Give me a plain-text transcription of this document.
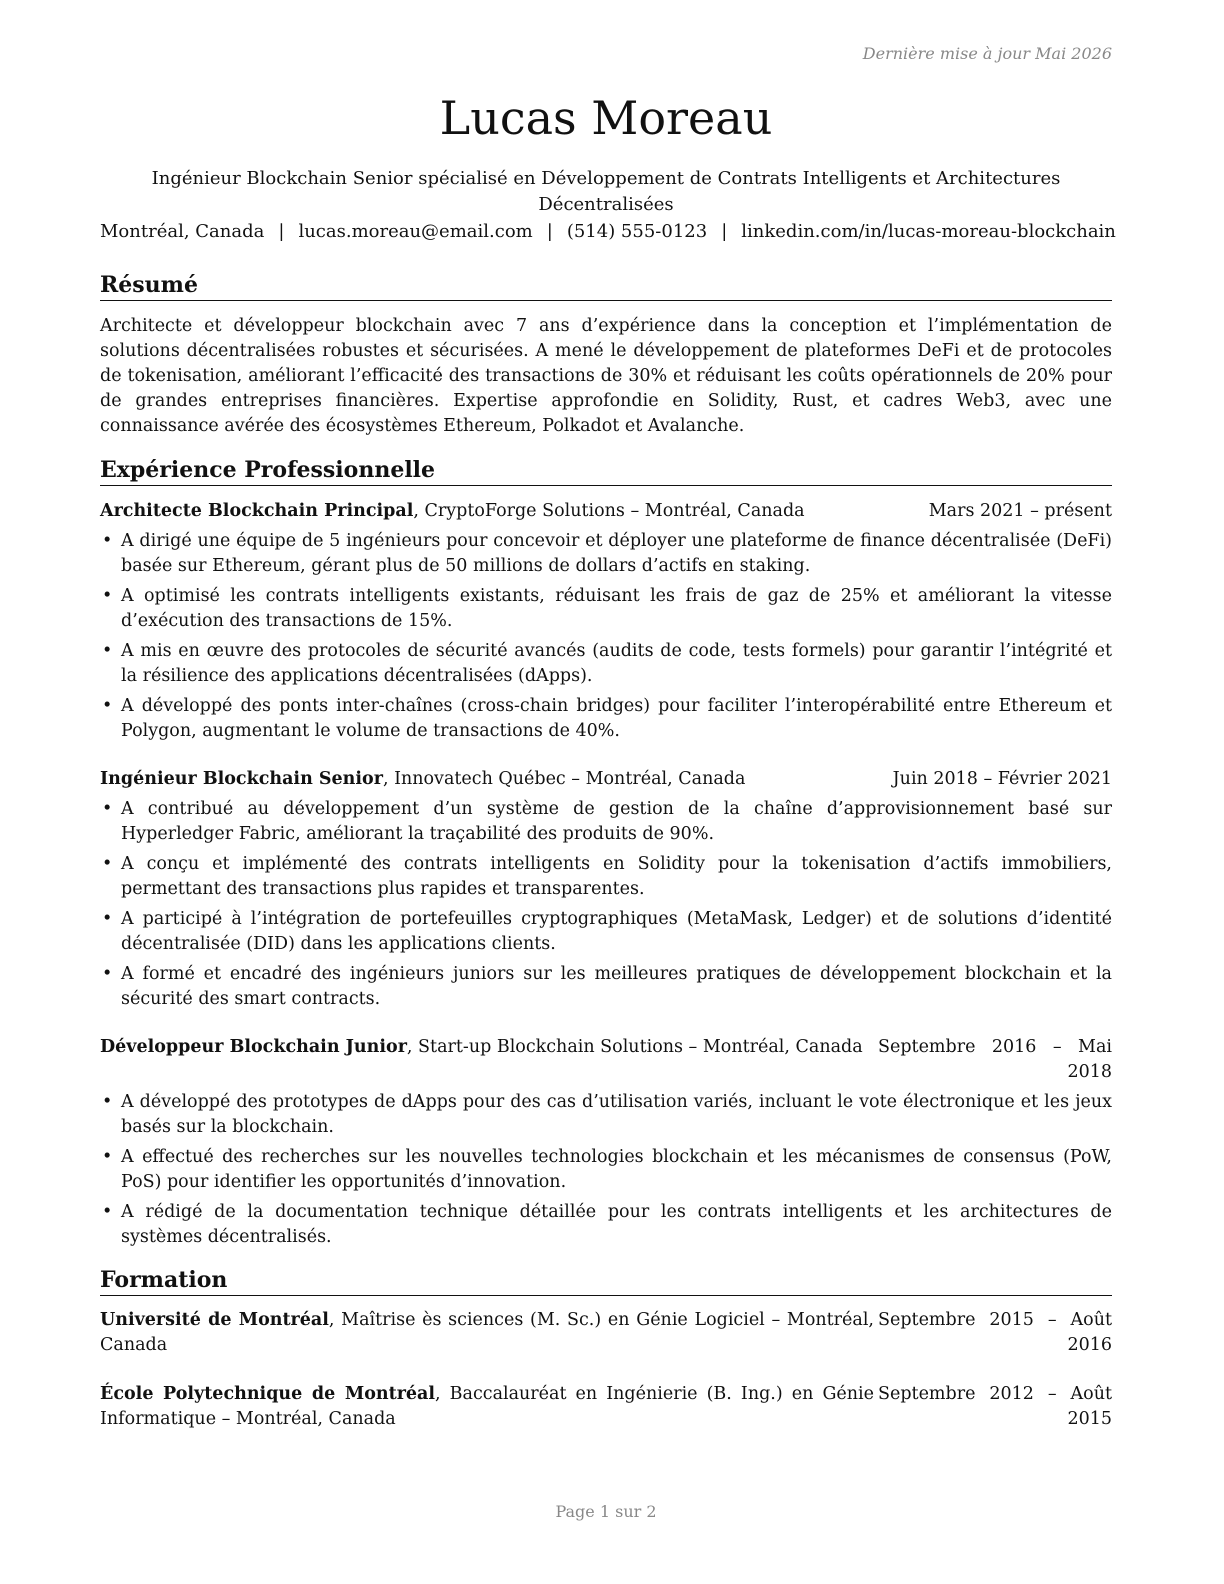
Dernière mise à jour Mai 2026
Lucas Moreau
Ingénieur Blockchain Senior spécialisé en Développement de Contrats Intelligents et Architectures Décentralisées
Montréal, Canada | lucas.moreau@email.com | (514) 555-0123 | linkedin.com/in/lucas-moreau-blockchain
Résumé
Architecte et développeur blockchain avec 7 ans d’expérience dans la conception et l’implémentation de solutions décentralisées robustes et sécurisées. A mené le développement de plateformes DeFi et de protocoles de tokenisation, améliorant l’efficacité des transactions de 30% et réduisant les coûts opérationnels de 20% pour de grandes entreprises financières. Expertise approfondie en Solidity, Rust, et cadres Web3, avec une connaissance avérée des écosystèmes Ethereum, Polkadot et Avalanche.
Expérience Professionnelle
Architecte Blockchain Principal, CryptoForge Solutions – Montréal, Canada	Mars 2021 – présent
• A dirigé une équipe de 5 ingénieurs pour concevoir et déployer une plateforme de finance décentralisée (DeFi) basée sur Ethereum, gérant plus de 50 millions de dollars d’actifs en staking.
• A optimisé les contrats intelligents existants, réduisant les frais de gaz de 25% et améliorant la vitesse d’exécution des transactions de 15%.
• A mis en œuvre des protocoles de sécurité avancés (audits de code, tests formels) pour garantir l’intégrité et la résilience des applications décentralisées (dApps).
• A développé des ponts inter-chaînes (cross-chain bridges) pour faciliter l’interopérabilité entre Ethereum et Polygon, augmentant le volume de transactions de 40%.
Ingénieur Blockchain Senior, Innovatech Québec – Montréal, Canada	Juin 2018 – Février 2021
• A contribué au développement d’un système de gestion de la chaîne d’approvisionnement basé sur Hyperledger Fabric, améliorant la traçabilité des produits de 90%.
• A conçu et implémenté des contrats intelligents en Solidity pour la tokenisation d’actifs immobiliers, permettant des transactions plus rapides et transparentes.
• A participé à l’intégration de portefeuilles cryptographiques (MetaMask, Ledger) et de solutions d’identité décentralisée (DID) dans les applications clients.
• A formé et encadré des ingénieurs juniors sur les meilleures pratiques de développement blockchain et la sécurité des smart contracts.
Développeur Blockchain Junior, Start-up Blockchain Solutions – Montréal, Canada Septembre 2016 – Mai 2018
• A développé des prototypes de dApps pour des cas d’utilisation variés, incluant le vote électronique et les jeux basés sur la blockchain.
• A effectué des recherches sur les nouvelles technologies blockchain et les mécanismes de consensus (PoW, PoS) pour identifier les opportunités d’innovation.
• A rédigé de la documentation technique détaillée pour les contrats intelligents et les architectures de systèmes décentralisés.
Formation
Université de Montréal, Maîtrise ès sciences (M. Sc.) en Génie Logiciel – Montréal, Canada
Septembre 2015 – Août 2016
École Polytechnique de Montréal, Baccalauréat en Ingénierie (B. Ing.) en Génie Informatique – Montréal, Canada
Septembre 2012 – Août 2015
Page 1 sur 2
